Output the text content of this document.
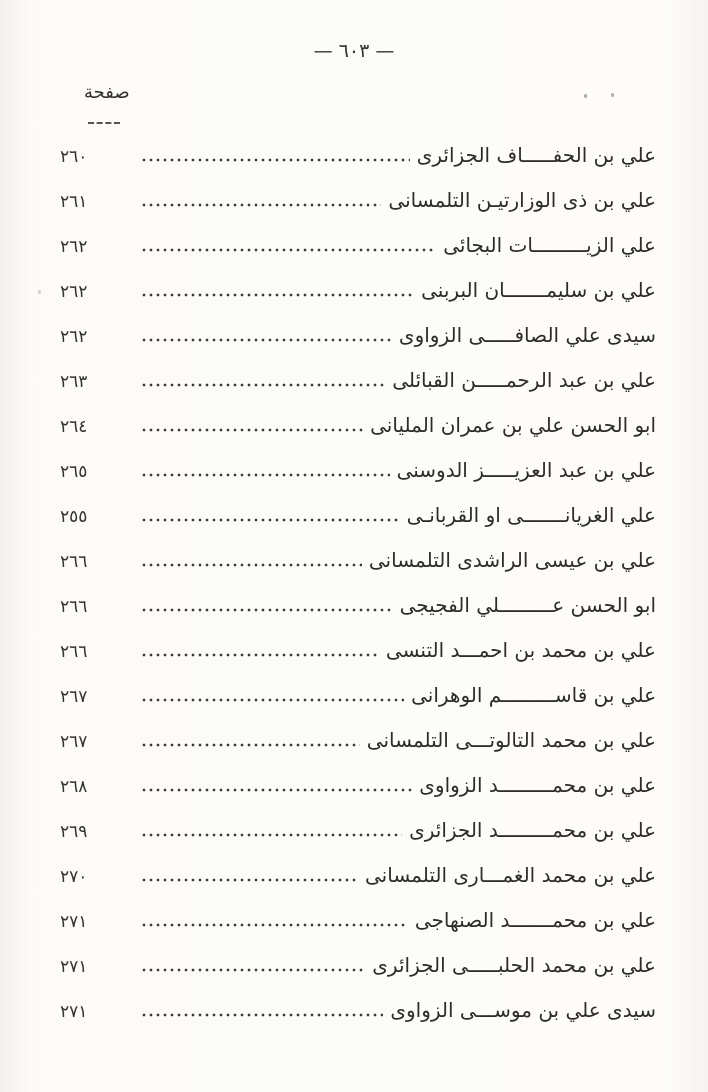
— ٦٠٣ —
صفحة
علي بن الحفـــــاف الجزائرى
٢٦٠
علي بن ذى الوزارتيـن التلمسانى
٢٦١
علي الزيـــــــــات البجائى
٢٦٢
علي بن سليمـــــــان البربنى
٢٦٢
سيدى علي الصافـــــى الزواوى
٢٦٢
علي بن عبد الرحمـــــن القبائلى
٢٦٣
ابو الحسن علي بن عمران المليانى
٢٦٤
علي بن عبد العزيـــــز الدوسنى
٢٦٥
علي الغريانـــــــى او القربانـى
٢٥٥
علي بن عيسى الراشدى التلمسانى
٢٦٦
ابو الحسن عـــــــــلي الفجيجى
٢٦٦
علي بن محمد بن احمـــد التنسى
٢٦٦
علي بن قاســـــــــم الوهرانى
٢٦٧
علي بن محمد التالوتـــى التلمسانى
٢٦٧
علي بن محمـــــــــد الزواوى
٢٦٨
علي بن محمـــــــــد الجزائرى
٢٦٩
علي بن محمد الغمـــارى التلمسانى
٢٧٠
علي بن محمـــــــد الصنهاجى
٢٧١
علي بن محمد الحلبـــــى الجزائرى
٢٧١
سيدى علي بن موســـى الزواوى
٢٧١
